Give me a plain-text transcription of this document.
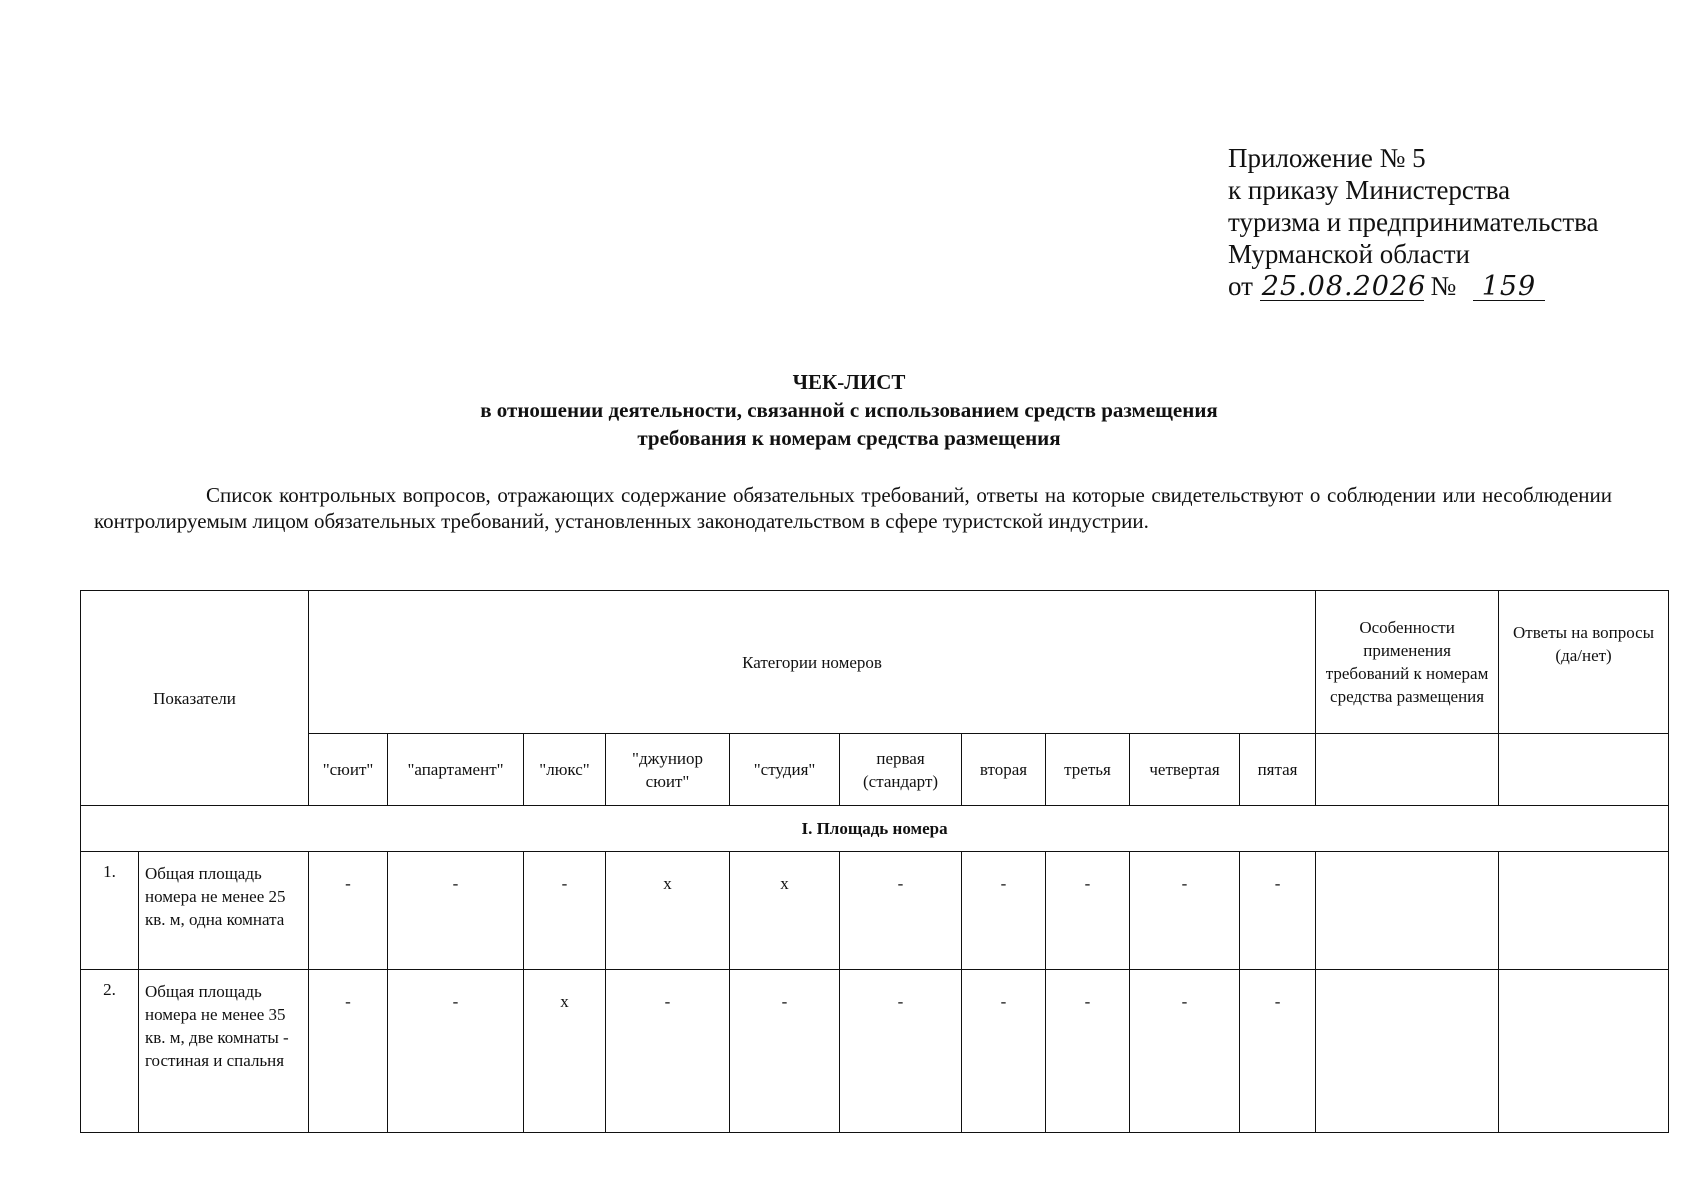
Приложение № 5
к приказу Министерства
туризма и предпринимательства
Мурманской области
от 25.08.2026 № 159
ЧЕК-ЛИСТ
в отношении деятельности, связанной с использованием средств размещения
требования к номерам средства размещения
Список контрольных вопросов, отражающих содержание обязательных требований, ответы на которые свидетельствуют о соблюдении или несоблюдении контролируемым лицом обязательных требований, установленных законодательством в сфере туристской индустрии.
Показатели		Категории номеров										Особенности применения требований к номерам средства размещения	Ответы на вопросы (да/нет)
		"сюит"	"апартамент"	"люкс"	"джуниор сюит"	"студия"	первая (стандарт)	вторая	третья	четвертая	пятая		
I. Площадь номера													
1.	Общая площадь номера не менее 25 кв. м, одна комната	-	-	-	x	x	-	-	-	-	-		
2.	Общая площадь номера не менее 35 кв. м, две комнаты - гостиная и спальня	-	-	x	-	-	-	-	-	-	-		
